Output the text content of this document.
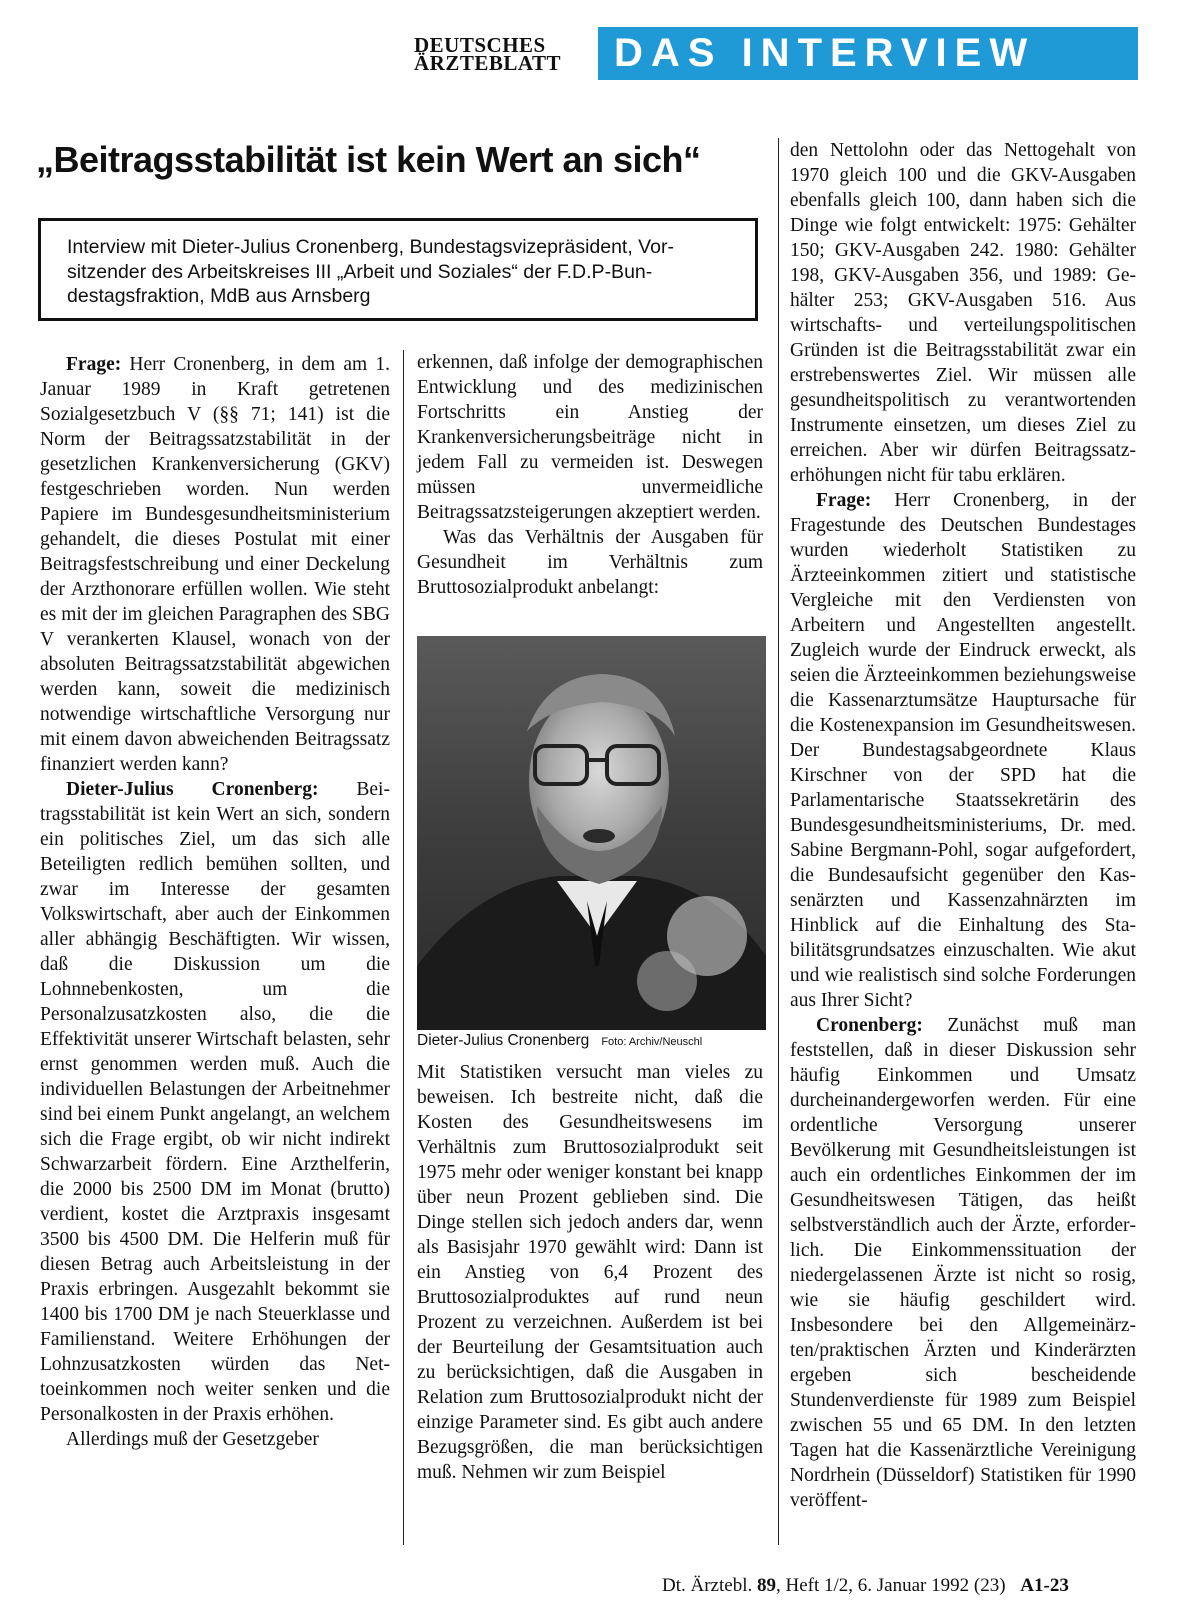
DEUTSCHES
ÄRZTEBLATT	DAS INTERVIEW
„Beitragsstabilität ist kein Wert an sich“
Interview mit Dieter-Julius Cronenberg, Bundestagsvizepräsident, Vorsitzender des Arbeitskreises III „Arbeit und Soziales“ der F.D.P-Bundestagsfraktion, MdB aus Arnsberg

Frage: Herr Cronenberg, in dem am 1. Januar 1989 in Kraft getretenen Sozialgesetzbuch V (§§ 71; 141) ist die Norm der Beitragssatzstabilität in der gesetzlichen Krankenversicherung (GKV) festgeschrieben worden. Nun werden Papiere im Bundesgesundheitsministerium gehandelt, die dieses Postulat mit einer Beitragsfestschreibung und einer Deckelung der Arzthonorare erfüllen wollen. Wie steht es mit der im gleichen Paragraphen des SBG V verankerten Klausel, wonach von der absoluten Beitragssatzstabilität abgewichen werden kann, soweit die medizinisch notwendige wirtschaftliche Versorgung nur mit einem davon abweichenden Beitragssatz finanziert werden kann?

Dieter-Julius Cronenberg: Beitragsstabilität ist kein Wert an sich, sondern ein politisches Ziel, um das sich alle Beteiligten redlich bemühen sollten, und zwar im Interesse der gesamten Volkswirtschaft, aber auch der Einkommen aller abhängig Beschäftigten. Wir wissen, daß die Diskussion um die Lohnnebenkosten, um die Personalzusatzkosten also, die die Effektivität unserer Wirtschaft belasten, sehr ernst genommen werden muß. Auch die individuellen Belastungen der Arbeitnehmer sind bei einem Punkt angelangt, an welchem sich die Frage ergibt, ob wir nicht indirekt Schwarzarbeit fördern. Eine Arzthelferin, die 2000 bis 2500 DM im Monat (brutto) verdient, kostet die Arztpraxis insgesamt 3500 bis 4500 DM. Die Helferin muß für diesen Betrag auch Arbeitsleistung in der Praxis erbringen. Ausgezahlt bekommt sie 1400 bis 1700 DM je nach Steuerklasse und Familienstand. Weitere Erhöhungen der Lohnzusatzkosten würden das Nettoeinkommen noch weiter senken und die Personalkosten in der Praxis erhöhen.

Allerdings muß der Gesetzgeber

erkennen, daß infolge der demographischen Entwicklung und des medizinischen Fortschritts ein Anstieg der Krankenversicherungsbeiträge nicht in jedem Fall zu vermeiden ist. Deswegen müssen unvermeidliche Beitragssatzsteigerungen akzeptiert werden.

Was das Verhältnis der Ausgaben für Gesundheit im Verhältnis zum Bruttosozialprodukt anbelangt:

Dieter-Julius Cronenberg Foto: Archiv/Neuschl

Mit Statistiken versucht man vieles zu beweisen. Ich bestreite nicht, daß die Kosten des Gesundheitswesens im Verhältnis zum Bruttosozialprodukt seit 1975 mehr oder weniger konstant bei knapp über neun Prozent geblieben sind. Die Dinge stellen sich jedoch anders dar, wenn als Basisjahr 1970 gewählt wird: Dann ist ein Anstieg von 6,4 Prozent des Bruttosozialproduktes auf rund neun Prozent zu verzeichnen. Außerdem ist bei der Beurteilung der Gesamtsituation auch zu berücksichtigen, daß die Ausgaben in Relation zum Bruttosozialprodukt nicht der einzige Parameter sind. Es gibt auch andere Bezugsgrößen, die man berücksichtigen muß. Nehmen wir zum Beispiel

den Nettolohn oder das Nettogehalt von 1970 gleich 100 und die GKV-Ausgaben ebenfalls gleich 100, dann haben sich die Dinge wie folgt entwickelt: 1975: Gehälter 150; GKV-Ausgaben 242. 1980: Gehälter 198, GKV-Ausgaben 356, und 1989: Gehälter 253; GKV-Ausgaben 516. Aus wirtschafts- und verteilungspolitischen Gründen ist die Beitragsstabilität zwar ein erstrebenswertes Ziel. Wir müssen alle gesundheitspolitisch zu verantwortenden Instrumente einsetzen, um dieses Ziel zu erreichen. Aber wir dürfen Beitragssatzerhöhungen nicht für tabu erklären.

Frage: Herr Cronenberg, in der Fragestunde des Deutschen Bundestages wurden wiederholt Statistiken zu Ärzteeinkommen zitiert und statistische Vergleiche mit den Verdiensten von Arbeitern und Angestellten angestellt. Zugleich wurde der Eindruck erweckt, als seien die Ärzteeinkommen beziehungsweise die Kassenarztumsätze Hauptursache für die Kostenexpansion im Gesundheitswesen. Der Bundestagsabgeordnete Klaus Kirschner von der SPD hat die Parlamentarische Staatssekretärin des Bundesgesundheitsministeriums, Dr. med. Sabine Bergmann-Pohl, sogar aufgefordert, die Bundesaufsicht gegenüber den Kassenärzten und Kassenzahnärzten im Hinblick auf die Einhaltung des Stabilitätsgrundsatzes einzuschalten. Wie akut und wie realistisch sind solche Forderungen aus Ihrer Sicht?

Cronenberg: Zunächst muß man feststellen, daß in dieser Diskussion sehr häufig Einkommen und Umsatz durcheinandergeworfen werden. Für eine ordentliche Versorgung unserer Bevölkerung mit Gesundheitsleistungen ist auch ein ordentliches Einkommen der im Gesundheitswesen Tätigen, das heißt selbstverständlich auch der Ärzte, erforderlich. Die Einkommenssituation der niedergelassenen Ärzte ist nicht so rosig, wie sie häufig geschildert wird. Insbesondere bei den Allgemeinärzten/praktischen Ärzten und Kinderärzten ergeben sich bescheidende Stundenverdienste für 1989 zum Beispiel zwischen 55 und 65 DM. In den letzten Tagen hat die Kassenärztliche Vereinigung Nordrhein (Düsseldorf) Statistiken für 1990 veröffent-

Dt. Ärztebl. 89, Heft 1/2, 6. Januar 1992 (23) A1-23
